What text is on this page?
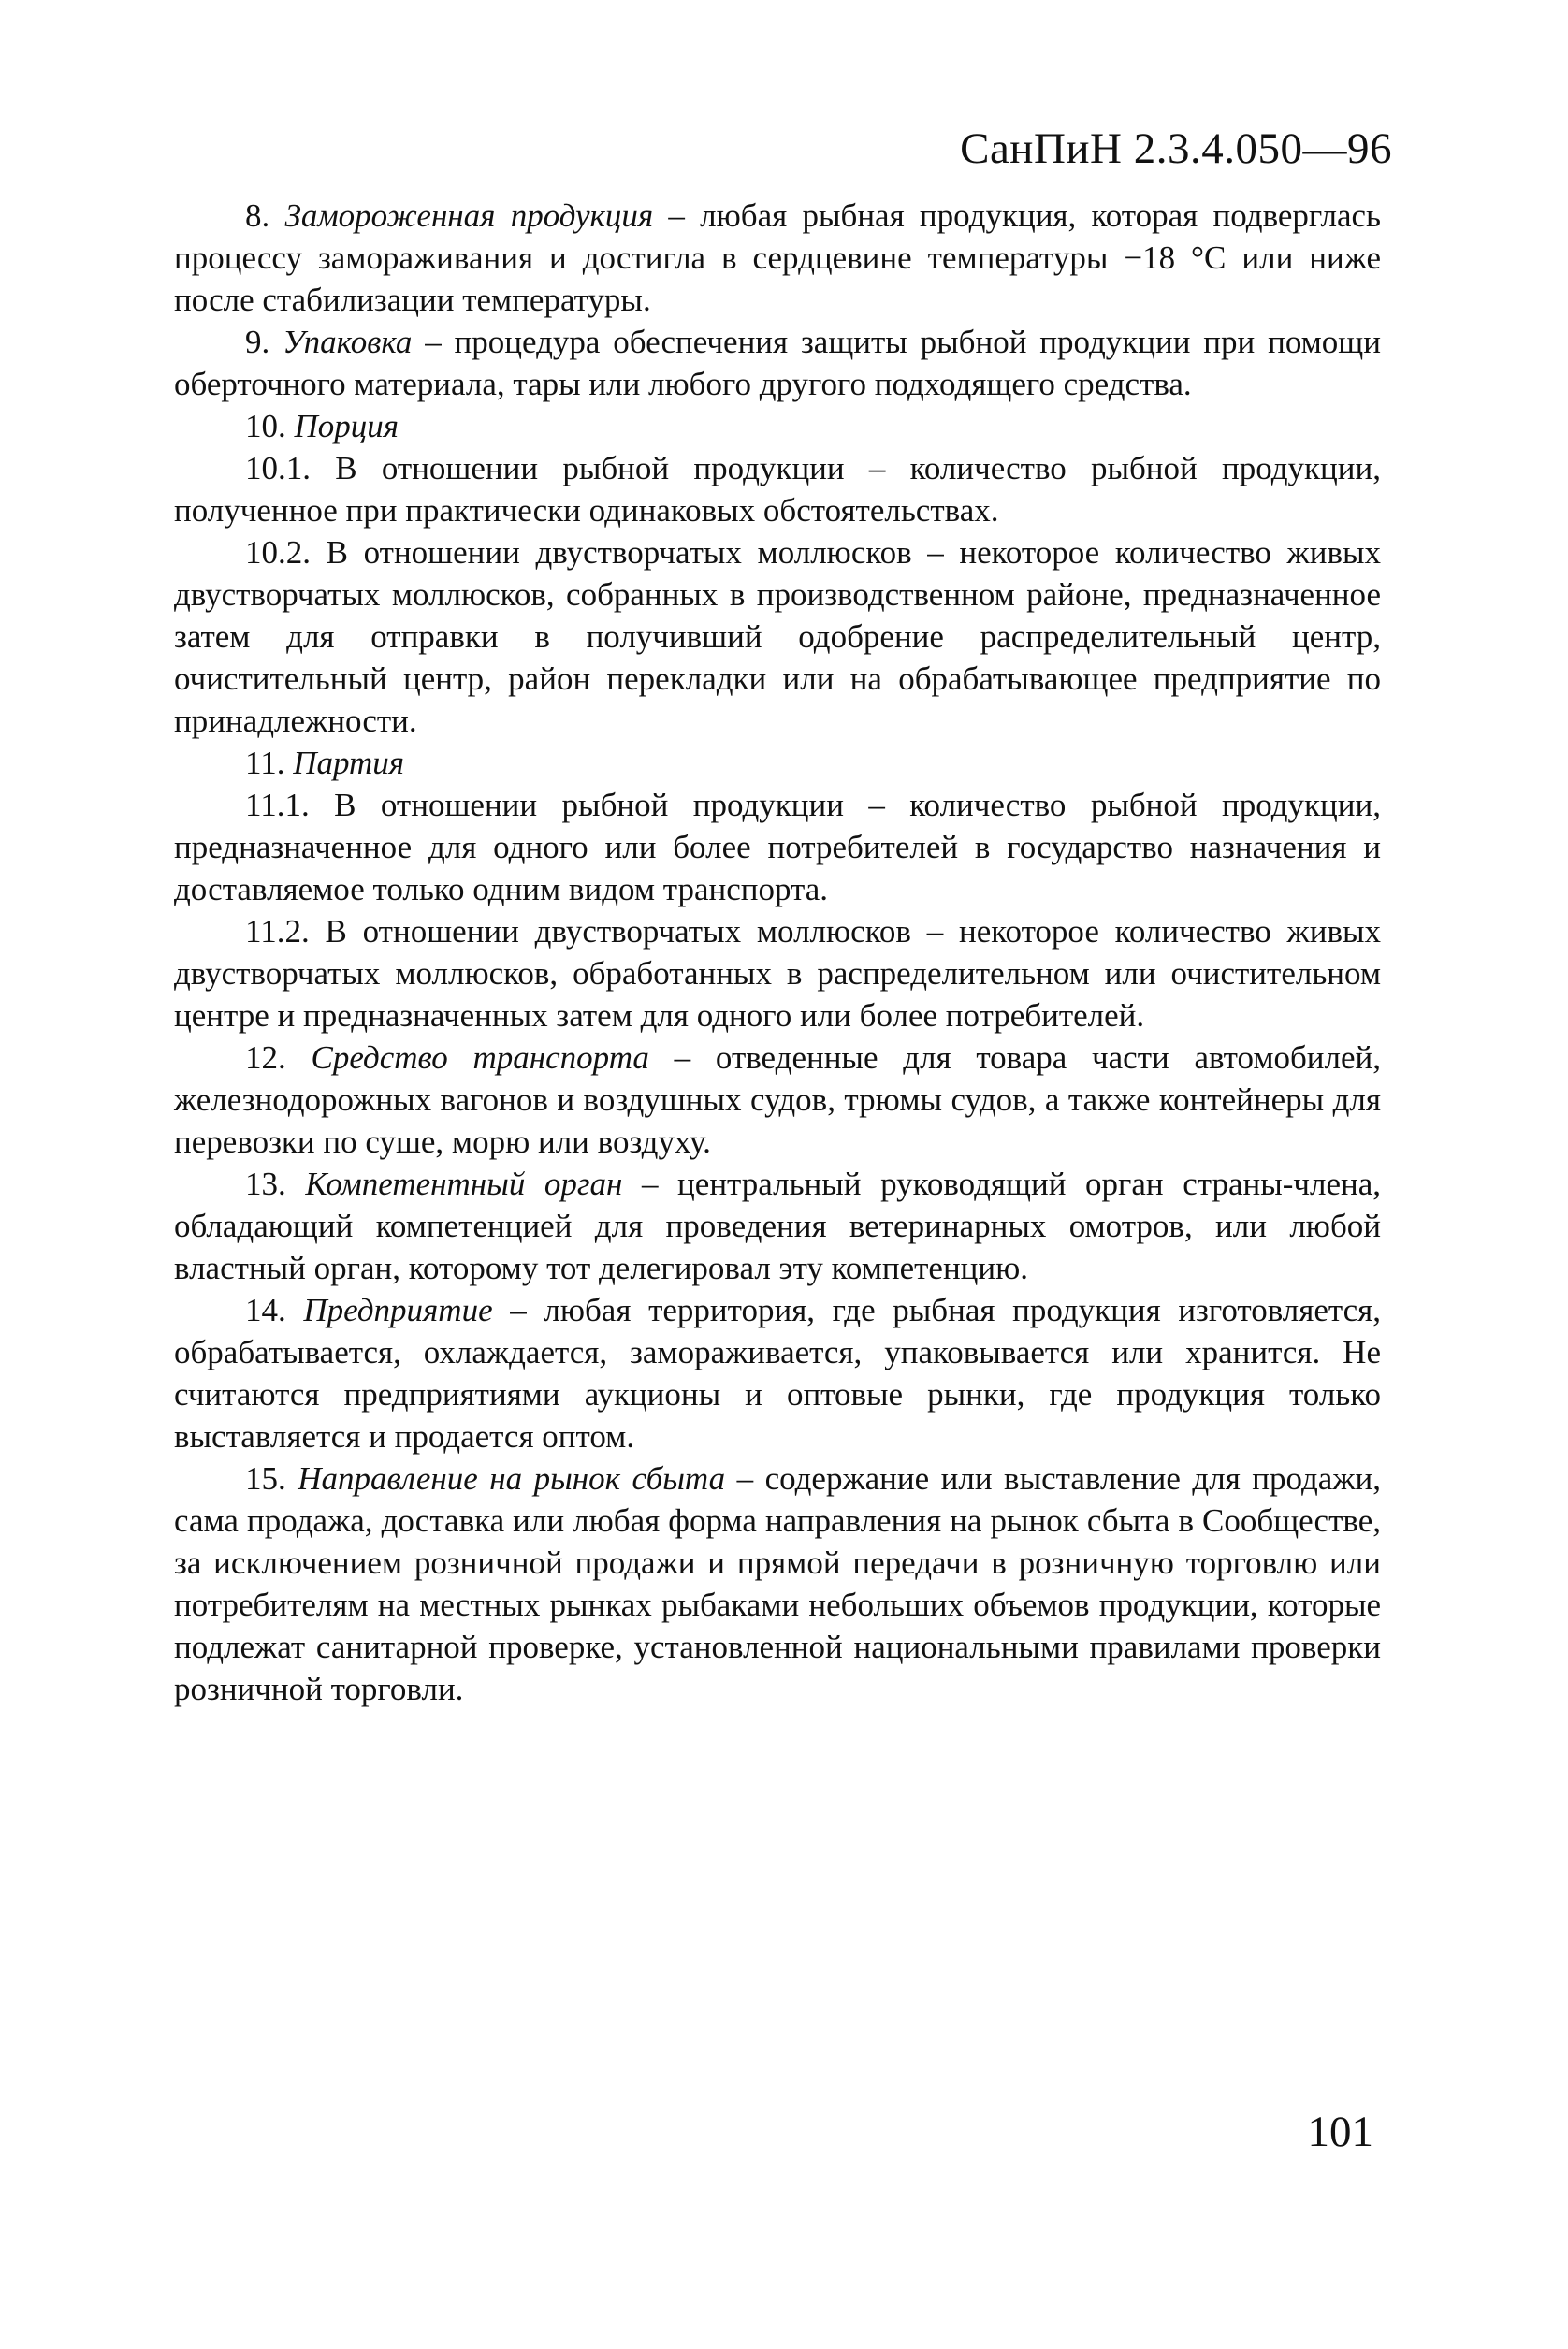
СанПиН 2.3.4.050—96

8. Замороженная продукция – любая рыбная продукция, которая подверглась процессу замораживания и достигла в сердцевине температуры −18 °С или ниже после стабилизации температуры.

9. Упаковка – процедура обеспечения защиты рыбной продукции при помощи оберточного материала, тары или любого другого подходящего средства.

10. Порция

10.1. В отношении рыбной продукции – количество рыбной продукции, полученное при практически одинаковых обстоятельствах.

10.2. В отношении двустворчатых моллюсков – некоторое количество живых двустворчатых моллюсков, собранных в производственном районе, предназначенное затем для отправки в получивший одобрение распределительный центр, очистительный центр, район перекладки или на обрабатывающее предприятие по принадлежности.

11. Партия

11.1. В отношении рыбной продукции – количество рыбной продукции, предназначенное для одного или более потребителей в государство назначения и доставляемое только одним видом транспорта.

11.2. В отношении двустворчатых моллюсков – некоторое количество живых двустворчатых моллюсков, обработанных в распределительном или очистительном центре и предназначенных затем для одного или более потребителей.

12. Средство транспорта – отведенные для товара части автомобилей, железнодорожных вагонов и воздушных судов, трюмы судов, а также контейнеры для перевозки по суше, морю или воздуху.

13. Компетентный орган – центральный руководящий орган страны-члена, обладающий компетенцией для проведения ветеринарных омотров, или любой властный орган, которому тот делегировал эту компетенцию.

14. Предприятие – любая территория, где рыбная продукция изготовляется, обрабатывается, охлаждается, замораживается, упаковывается или хранится. Не считаются предприятиями аукционы и оптовые рынки, где продукция только выставляется и продается оптом.

15. Направление на рынок сбыта – содержание или выставление для продажи, сама продажа, доставка или любая форма направления на рынок сбыта в Сообществе, за исключением розничной продажи и прямой передачи в розничную торговлю или потребителям на местных рынках рыбаками небольших объемов продукции, которые подлежат санитарной проверке, установленной национальными правилами проверки розничной торговли.

101
